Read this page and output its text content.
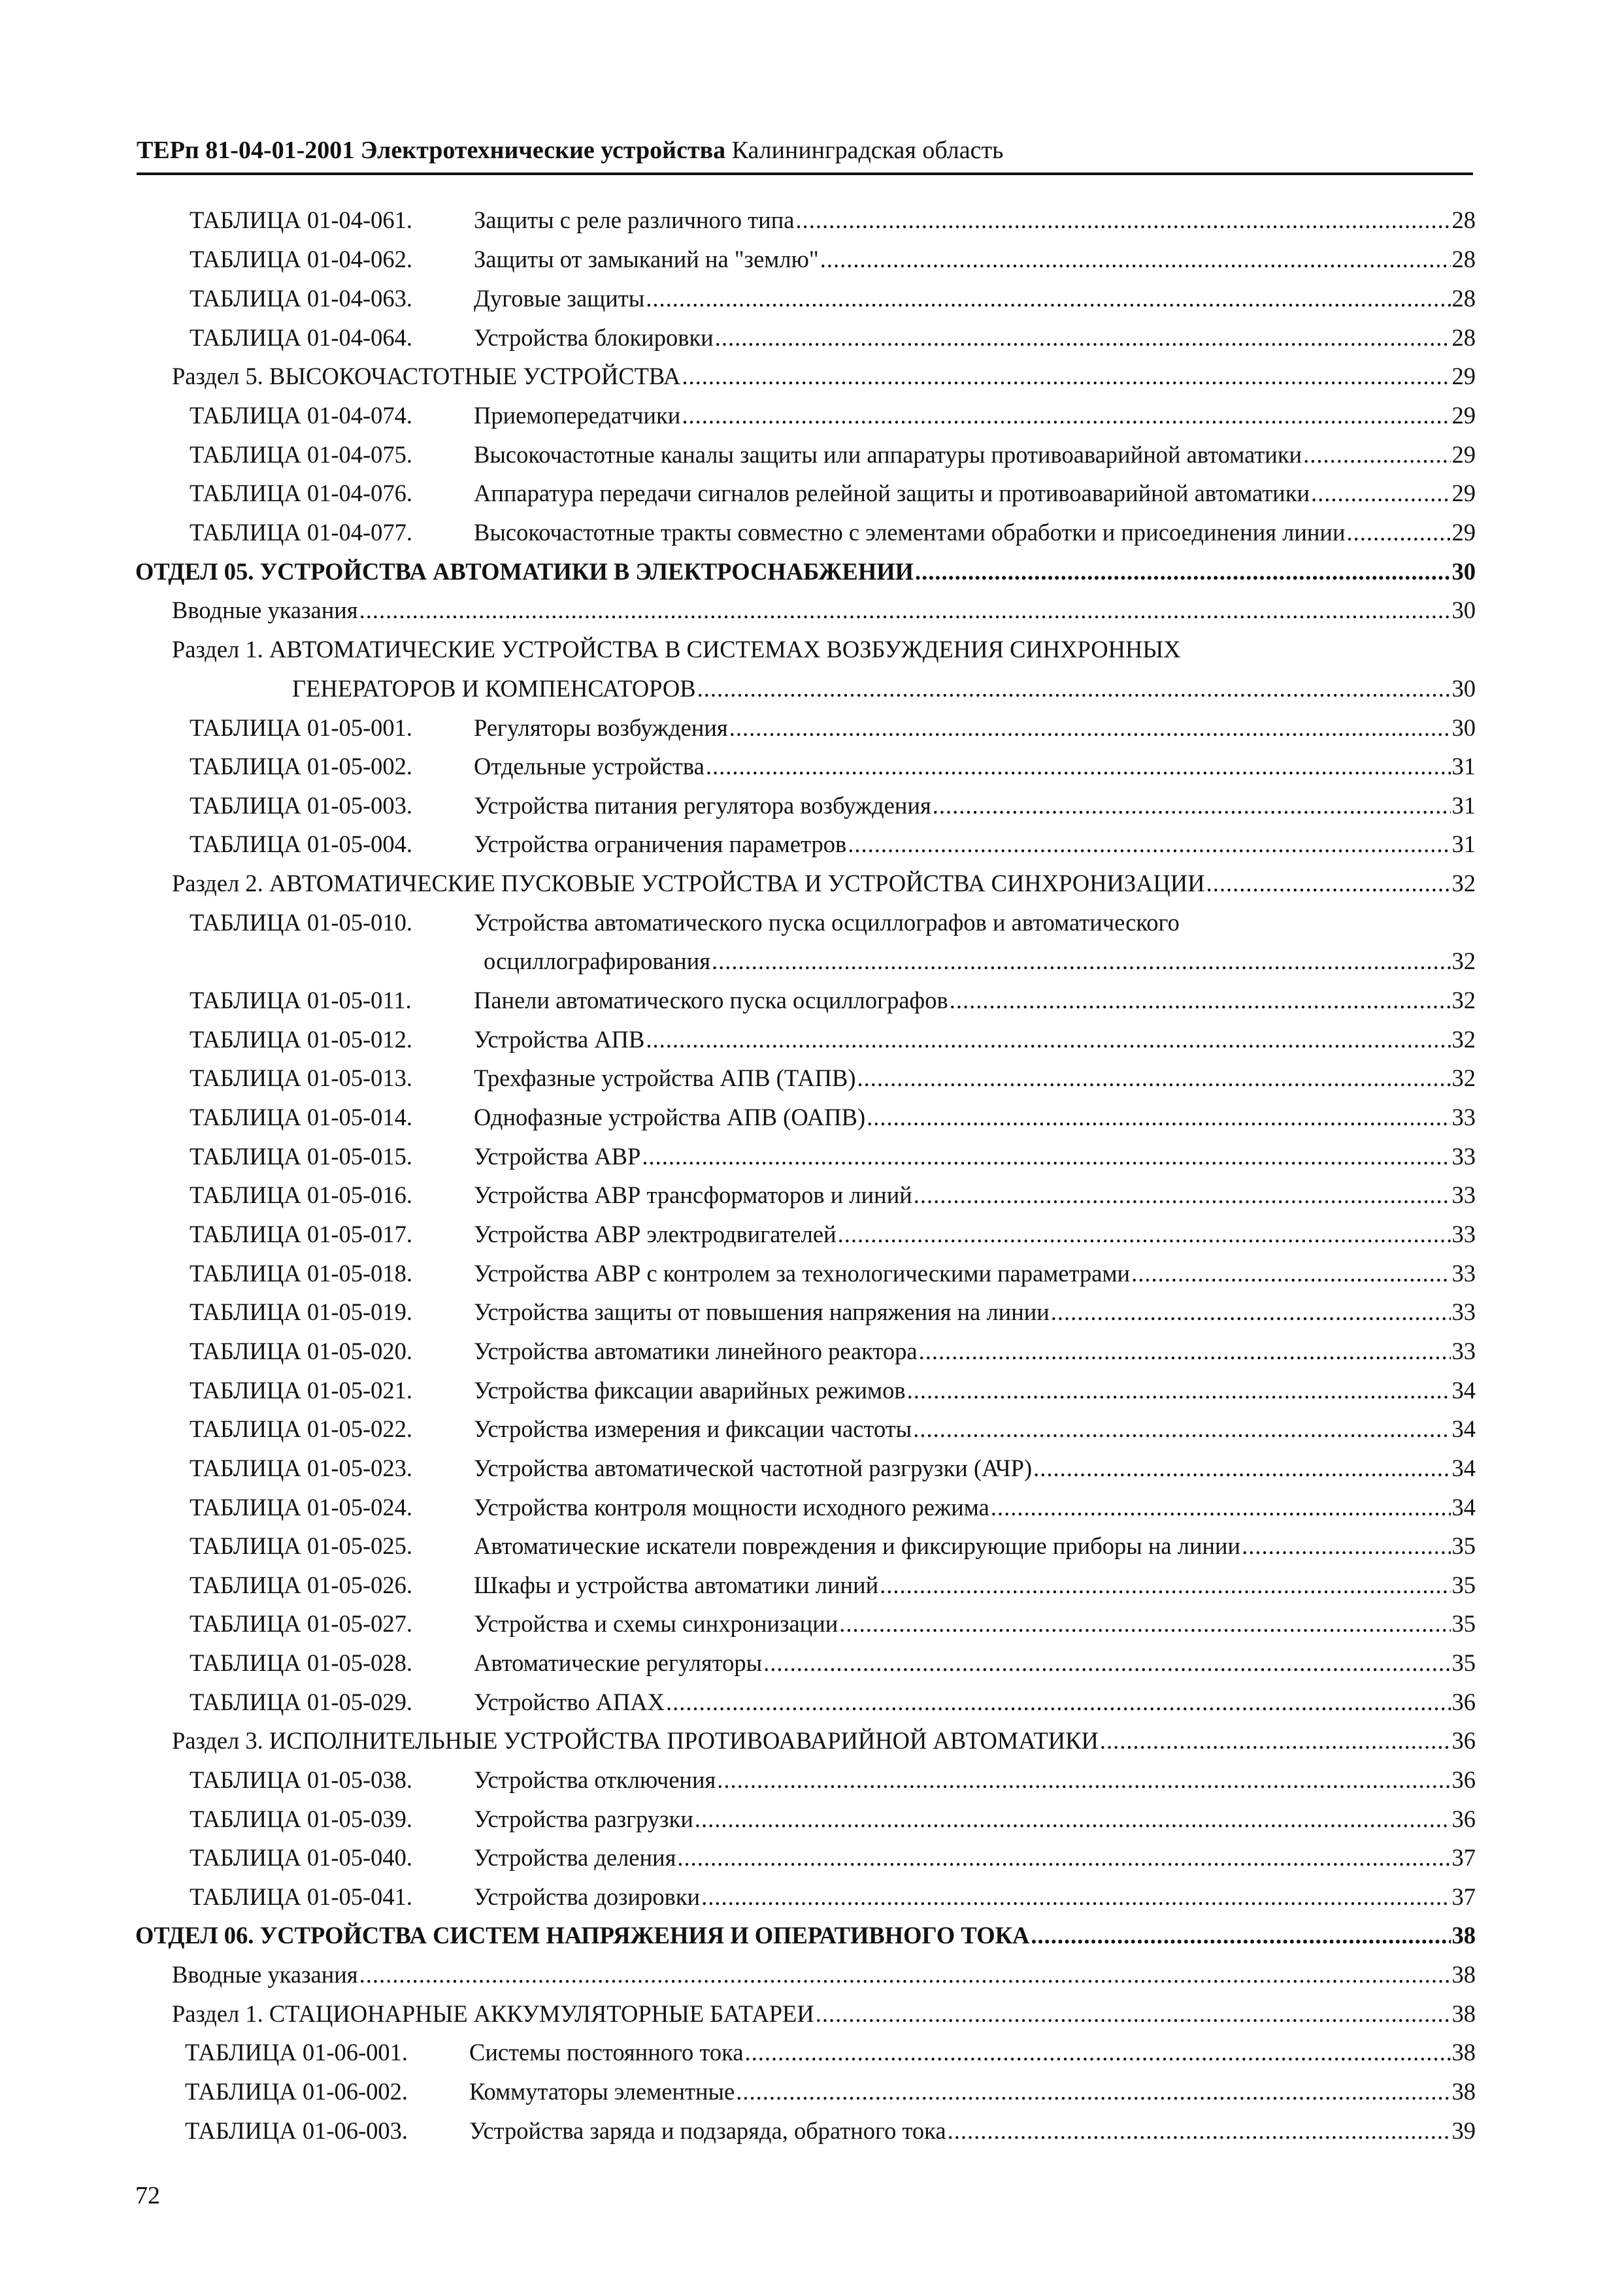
ТЕРп 81-04-01-2001 Электротехнические устройства Калининградская область
ТАБЛИЦА 01-04-061.	Защиты с реле различного типа .....	28
ТАБЛИЦА 01-04-062.	Защиты от замыканий на "землю" .....	28
ТАБЛИЦА 01-04-063.	Дуговые защиты .....	28
ТАБЛИЦА 01-04-064.	Устройства блокировки .....	28
Раздел 5. ВЫСОКОЧАСТОТНЫЕ УСТРОЙСТВА .....	29
ТАБЛИЦА 01-04-074.	Приемопередатчики .....	29
ТАБЛИЦА 01-04-075.	Высокочастотные каналы защиты или аппаратуры противоаварийной автоматики .....	29
ТАБЛИЦА 01-04-076.	Аппаратура передачи сигналов релейной защиты и противоаварийной автоматики .....	29
ТАБЛИЦА 01-04-077.	Высокочастотные тракты совместно с элементами обработки и присоединения линии .....	29
ОТДЕЛ 05. УСТРОЙСТВА АВТОМАТИКИ В ЭЛЕКТРОСНАБЖЕНИИ .....	30
Вводные указания .....	30
Раздел 1. АВТОМАТИЧЕСКИЕ УСТРОЙСТВА В СИСТЕМАХ ВОЗБУЖДЕНИЯ СИНХРОННЫХ
ГЕНЕРАТОРОВ И КОМПЕНСАТОРОВ .....	30
ТАБЛИЦА 01-05-001.	Регуляторы возбуждения .....	30
ТАБЛИЦА 01-05-002.	Отдельные устройства .....	31
ТАБЛИЦА 01-05-003.	Устройства питания регулятора возбуждения .....	31
ТАБЛИЦА 01-05-004.	Устройства ограничения параметров .....	31
Раздел 2. АВТОМАТИЧЕСКИЕ ПУСКОВЫЕ УСТРОЙСТВА И УСТРОЙСТВА СИНХРОНИЗАЦИИ .....	32
ТАБЛИЦА 01-05-010.	Устройства автоматического пуска осциллографов и автоматического
осциллографирования .....	32
ТАБЛИЦА 01-05-011.	Панели автоматического пуска осциллографов .....	32
ТАБЛИЦА 01-05-012.	Устройства АПВ .....	32
ТАБЛИЦА 01-05-013.	Трехфазные устройства АПВ (ТАПВ) .....	32
ТАБЛИЦА 01-05-014.	Однофазные устройства АПВ (ОАПВ) .....	33
ТАБЛИЦА 01-05-015.	Устройства АВР .....	33
ТАБЛИЦА 01-05-016.	Устройства АВР трансформаторов и линий .....	33
ТАБЛИЦА 01-05-017.	Устройства АВР электродвигателей .....	33
ТАБЛИЦА 01-05-018.	Устройства АВР с контролем за технологическими параметрами .....	33
ТАБЛИЦА 01-05-019.	Устройства защиты от повышения напряжения на линии .....	33
ТАБЛИЦА 01-05-020.	Устройства автоматики линейного реактора .....	33
ТАБЛИЦА 01-05-021.	Устройства фиксации аварийных режимов .....	34
ТАБЛИЦА 01-05-022.	Устройства измерения и фиксации частоты .....	34
ТАБЛИЦА 01-05-023.	Устройства автоматической частотной разгрузки (АЧР) .....	34
ТАБЛИЦА 01-05-024.	Устройства контроля мощности исходного режима .....	34
ТАБЛИЦА 01-05-025.	Автоматические искатели повреждения и фиксирующие приборы на линии .....	35
ТАБЛИЦА 01-05-026.	Шкафы и устройства автоматики линий .....	35
ТАБЛИЦА 01-05-027.	Устройства и схемы синхронизации .....	35
ТАБЛИЦА 01-05-028.	Автоматические регуляторы .....	35
ТАБЛИЦА 01-05-029.	Устройство АПАХ .....	36
Раздел 3. ИСПОЛНИТЕЛЬНЫЕ УСТРОЙСТВА ПРОТИВОАВАРИЙНОЙ АВТОМАТИКИ .....	36
ТАБЛИЦА 01-05-038.	Устройства отключения .....	36
ТАБЛИЦА 01-05-039.	Устройства разгрузки .....	36
ТАБЛИЦА 01-05-040.	Устройства деления .....	37
ТАБЛИЦА 01-05-041.	Устройства дозировки .....	37
ОТДЕЛ 06. УСТРОЙСТВА СИСТЕМ НАПРЯЖЕНИЯ И ОПЕРАТИВНОГО ТОКА .....	38
Вводные указания .....	38
Раздел 1. СТАЦИОНАРНЫЕ АККУМУЛЯТОРНЫЕ БАТАРЕИ .....	38
ТАБЛИЦА 01-06-001.	Системы постоянного тока .....	38
ТАБЛИЦА 01-06-002.	Коммутаторы элементные .....	38
ТАБЛИЦА 01-06-003.	Устройства заряда и подзаряда, обратного тока .....	39
72
